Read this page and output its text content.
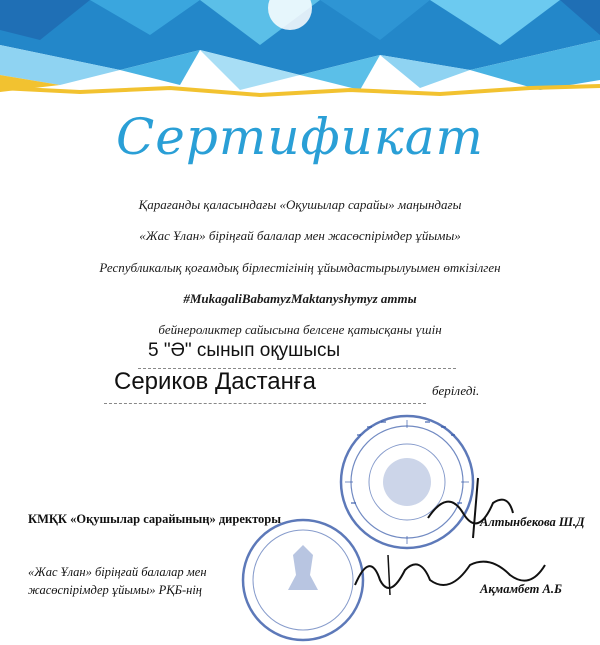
Сертификат
Қарағанды қаласындағы «Оқушылар сарайы» маңындағы
«Жас Ұлан» біріңғай балалар мен жасөспірімдер ұйымы»
Республикалық қоғамдық бірлестігінің ұйымдастырылуымен өткізілген
#MukagaliBabamyzMaktanyshymyz атты
бейнероликтер сайысына белсене қатысқаны үшін
5 "Ә" сынып оқушысы
Сериков Дастанға	беріледі.
КМҚК «Оқушылар сарайының» директоры	Алтынбекова Ш.Д
«Жас Ұлан» біріңғай балалар мен
жасөспірімдер ұйымы» РҚБ-нің	Ақмамбет А.Б
